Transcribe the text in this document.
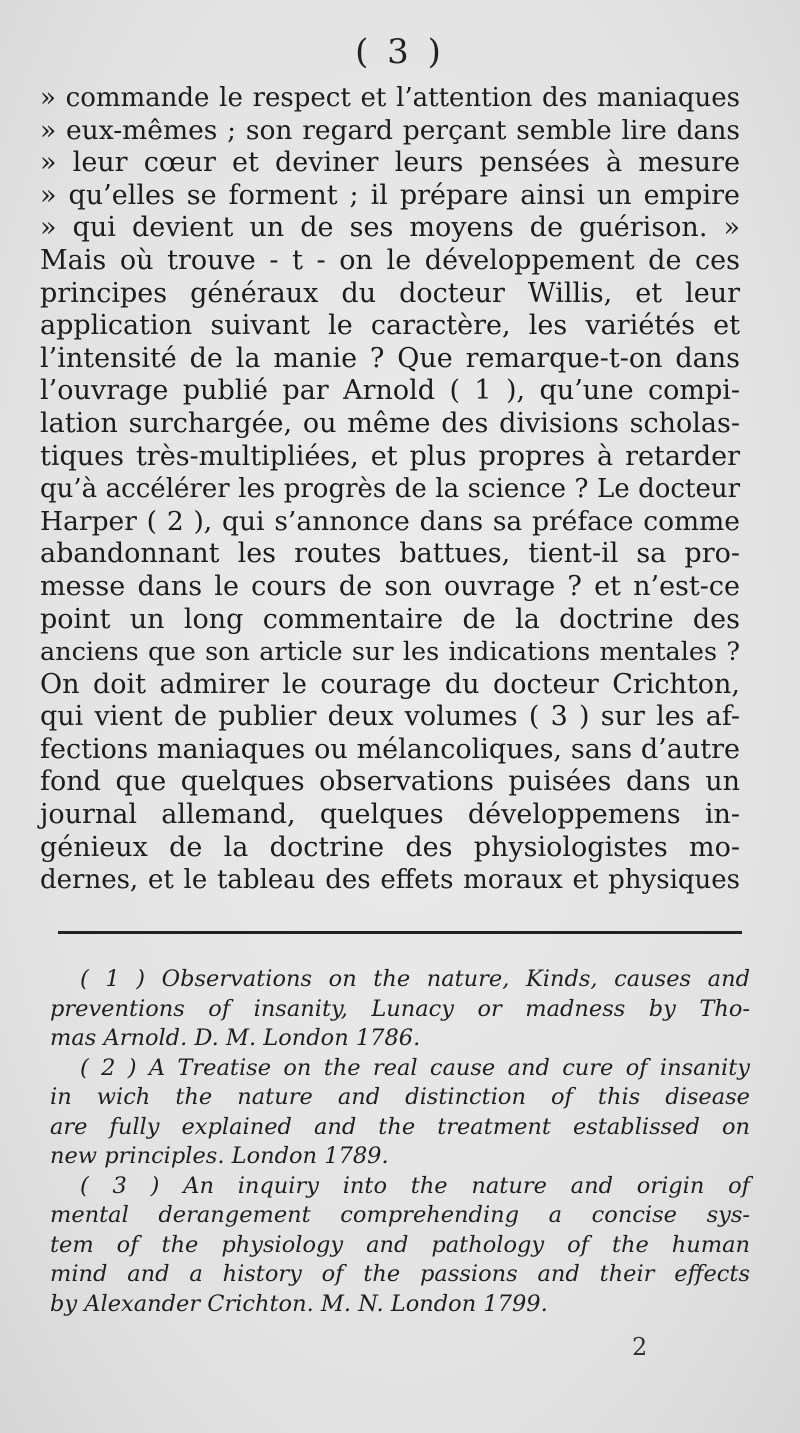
( 3 )
» commande le respect et l’attention des maniaques
» eux-mêmes ; son regard perçant semble lire dans
» leur cœur et deviner leurs pensées à mesure
» qu’elles se forment ; il prépare ainsi un empire
» qui devient un de ses moyens de guérison. »
Mais où trouve - t - on le développement de ces
principes généraux du docteur Willis, et leur
application suivant le caractère, les variétés et
l’intensité de la manie ? Que remarque-t-on dans
l’ouvrage publié par Arnold ( 1 ), qu’une compi-
lation surchargée, ou même des divisions scholas-
tiques très-multipliées, et plus propres à retarder
qu’à accélérer les progrès de la science ? Le docteur
Harper ( 2 ), qui s’annonce dans sa préface comme
abandonnant les routes battues, tient-il sa pro-
messe dans le cours de son ouvrage ? et n’est-ce
point un long commentaire de la doctrine des
anciens que son article sur les indications mentales ?
On doit admirer le courage du docteur Crichton,
qui vient de publier deux volumes ( 3 ) sur les af-
fections maniaques ou mélancoliques, sans d’autre
fond que quelques observations puisées dans un
journal allemand, quelques développemens in-
génieux de la doctrine des physiologistes mo-
dernes, et le tableau des effets moraux et physiques
( 1 ) Observations on the nature, Kinds, causes and
preventions of insanity, Lunacy or madness by Tho-
mas Arnold. D. M. London 1786.
( 2 ) A Treatise on the real cause and cure of insanity
in wich the nature and distinction of this disease
are fully explained and the treatment establissed on
new principles. London 1789.
( 3 ) An inquiry into the nature and origin of
mental derangement comprehending a concise sys-
tem of the physiology and pathology of the human
mind and a history of the passions and their effects
by Alexander Crichton. M. N. London 1799.
2
